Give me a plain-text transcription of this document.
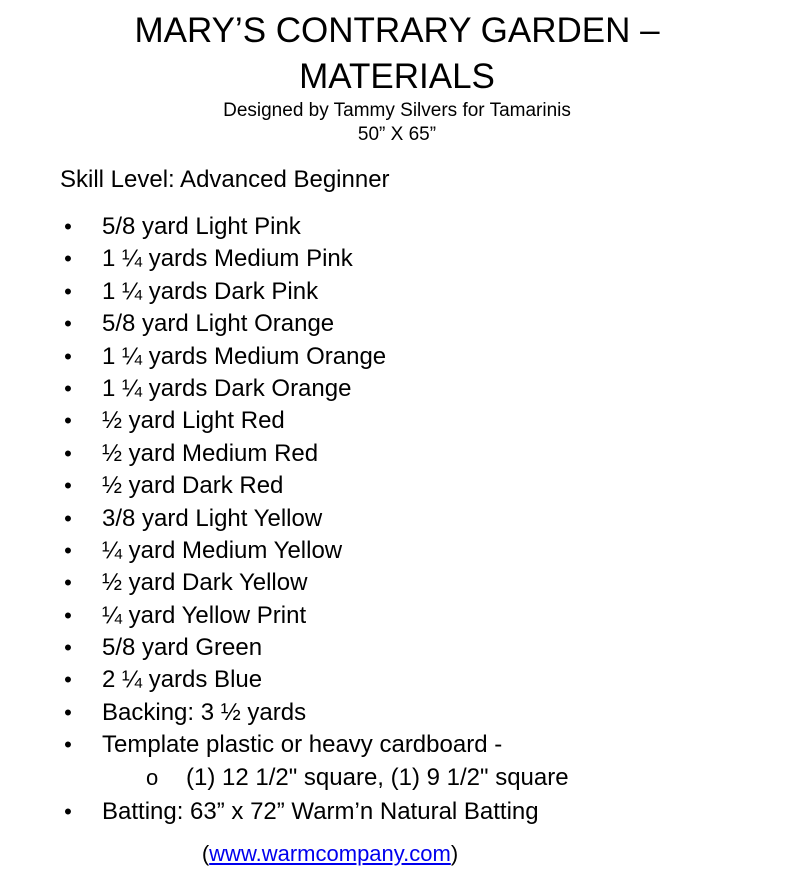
MARY’S CONTRARY GARDEN –
MATERIALS
Designed by Tammy Silvers for Tamarinis
50” X 65”
Skill Level: Advanced Beginner
• 5/8 yard Light Pink
• 1 ¼ yards Medium Pink
• 1 ¼ yards Dark Pink
• 5/8 yard Light Orange
• 1 ¼ yards Medium Orange
• 1 ¼ yards Dark Orange
• ½ yard Light Red
• ½ yard Medium Red
• ½ yard Dark Red
• 3/8 yard Light Yellow
• ¼ yard Medium Yellow
• ½ yard Dark Yellow
• ¼ yard Yellow Print
• 5/8 yard Green
• 2 ¼ yards Blue
• Backing: 3 ½ yards
• Template plastic or heavy cardboard -
o (1) 12 1/2" square, (1) 9 1/2" square
• Batting: 63” x 72” Warm’n Natural Batting
(www.warmcompany.com)
